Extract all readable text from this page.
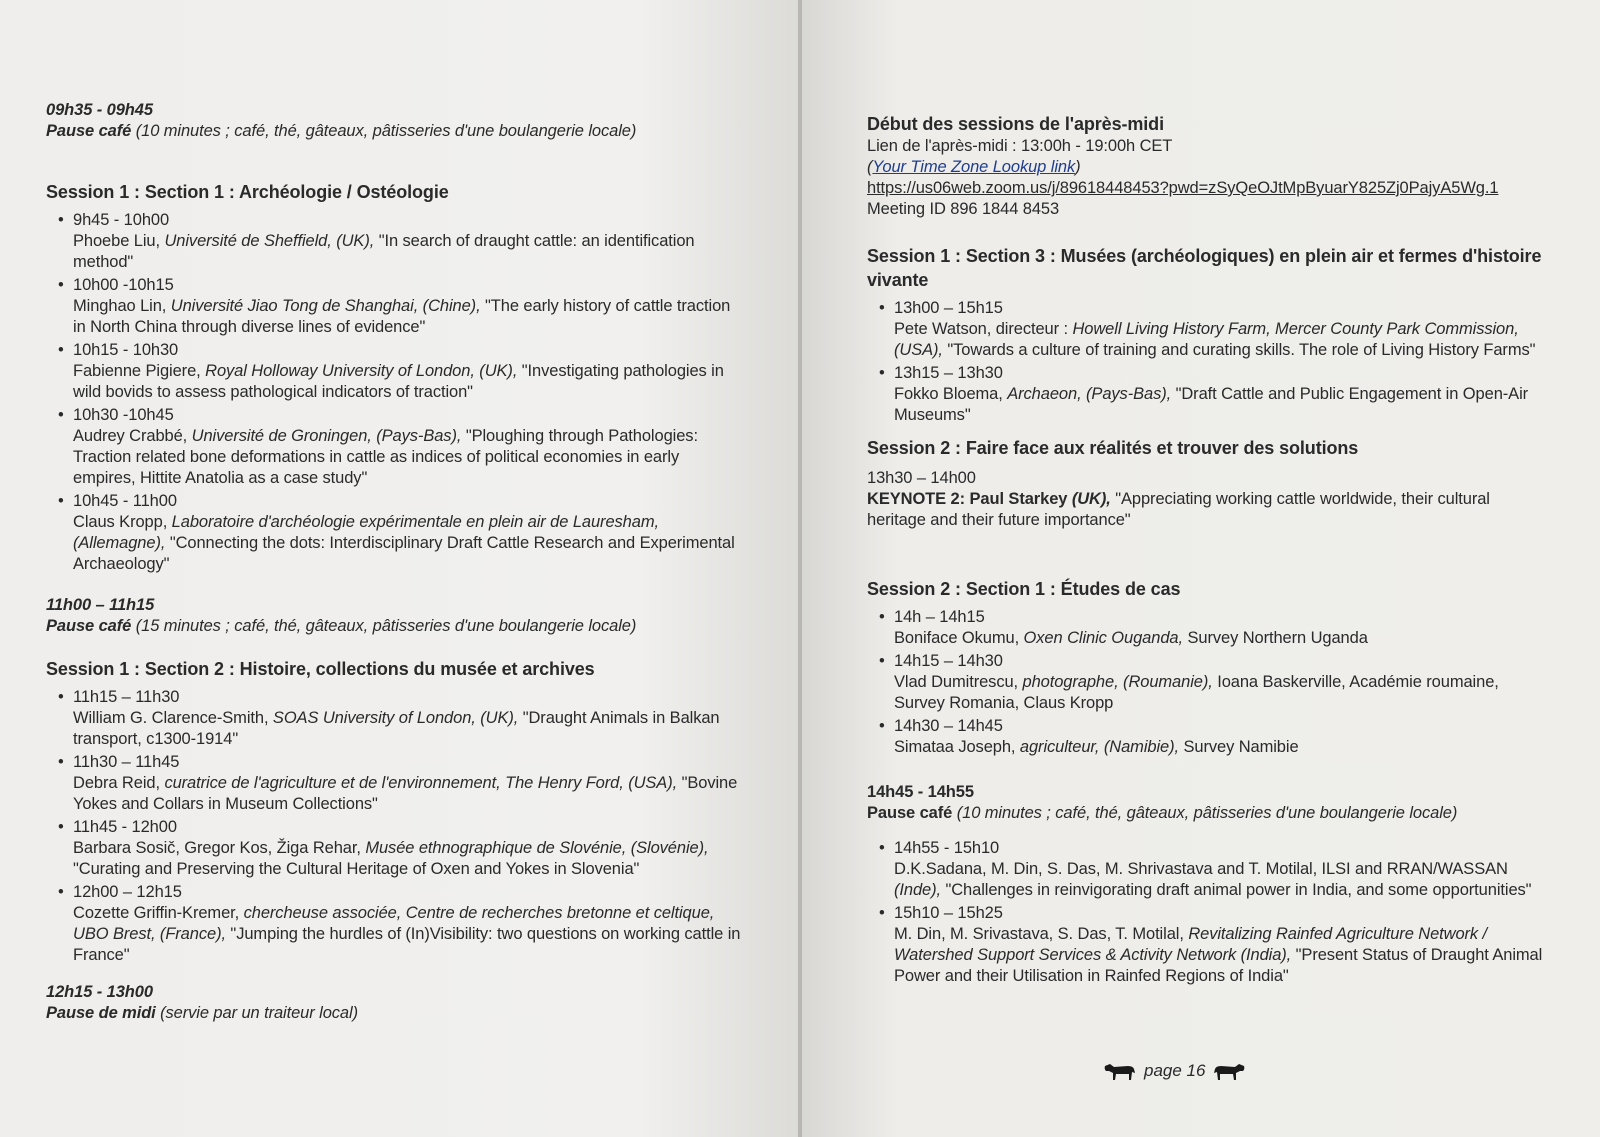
09h35 - 09h45

Pause café (10 minutes ; café, thé, gâteaux, pâtisseries d'une boulangerie locale)

Session 1 : Section 1 : Archéologie / Ostéologie
• 9h45 - 10h00
Phoebe Liu, Université de Sheffield, (UK), "In search of draught cattle: an identification method"
• 10h00 -10h15
Minghao Lin, Université Jiao Tong de Shanghai, (Chine), "The early history of cattle traction in North China through diverse lines of evidence"
• 10h15 - 10h30
Fabienne Pigiere, Royal Holloway University of London, (UK), "Investigating pathologies in wild bovids to assess pathological indicators of traction"
• 10h30 -10h45
Audrey Crabbé, Université de Groningen, (Pays-Bas), "Ploughing through Pathologies: Traction related bone deformations in cattle as indices of political economies in early empires, Hittite Anatolia as a case study"
• 10h45 - 11h00
Claus Kropp, Laboratoire d'archéologie expérimentale en plein air de Lauresham, (Allemagne), "Connecting the dots: Interdisciplinary Draft Cattle Research and Experimental Archaeology"

11h00 – 11h15

Pause café (15 minutes ; café, thé, gâteaux, pâtisseries d'une boulangerie locale)

Session 1 : Section 2 : Histoire, collections du musée et archives
• 11h15 – 11h30
William G. Clarence-Smith, SOAS University of London, (UK), "Draught Animals in Balkan transport, c1300-1914"
• 11h30 – 11h45
Debra Reid, curatrice de l'agriculture et de l'environnement, The Henry Ford, (USA), "Bovine Yokes and Collars in Museum Collections"
• 11h45 - 12h00
Barbara Sosič, Gregor Kos, Žiga Rehar, Musée ethnographique de Slovénie, (Slovénie), "Curating and Preserving the Cultural Heritage of Oxen and Yokes in Slovenia"
• 12h00 – 12h15
Cozette Griffin-Kremer, chercheuse associée, Centre de recherches bretonne et celtique, UBO Brest, (France), "Jumping the hurdles of (In)Visibility: two questions on working cattle in France"

12h15 - 13h00

Pause de midi (servie par un traiteur local)

Début des sessions de l'après-midi
Lien de l'après-midi : 13:00h - 19:00h CET
(Your Time Zone Lookup link)
https://us06web.zoom.us/j/89618448453?pwd=zSyQeOJtMpByuarY825Zj0PajyA5Wg.1
Meeting ID 896 1844 8453
Session 1 : Section 3 : Musées (archéologiques) en plein air et fermes d'histoire vivante
• 13h00 – 15h15
Pete Watson, directeur : Howell Living History Farm, Mercer County Park Commission, (USA), "Towards a culture of training and curating skills. The role of Living History Farms"
• 13h15 – 13h30
Fokko Bloema, Archaeon, (Pays-Bas), "Draft Cattle and Public Engagement in Open-Air Museums"
Session 2 : Faire face aux réalités et trouver des solutions
13h30 – 14h00
KEYNOTE 2: Paul Starkey (UK), "Appreciating working cattle worldwide, their cultural heritage and their future importance"
Session 2 : Section 1 : Études de cas
• 14h – 14h15
Boniface Okumu, Oxen Clinic Ouganda, Survey Northern Uganda
• 14h15 – 14h30
Vlad Dumitrescu, photographe, (Roumanie), Ioana Baskerville, Académie roumaine, Survey Romania, Claus Kropp
• 14h30 – 14h45
Simataa Joseph, agriculteur, (Namibie), Survey Namibie

14h45 - 14h55

Pause café (10 minutes ; café, thé, gâteaux, pâtisseries d'une boulangerie locale)

• 14h55 - 15h10
D.K.Sadana, M. Din, S. Das, M. Shrivastava and T. Motilal, ILSI and RRAN/WASSAN (Inde), "Challenges in reinvigorating draft animal power in India, and some opportunities"
• 15h10 – 15h25
M. Din, M. Srivastava, S. Das, T. Motilal, Revitalizing Rainfed Agriculture Network / Watershed Support Services & Activity Network (India), "Present Status of Draught Animal Power and their Utilisation in Rainfed Regions of India"
page 16
